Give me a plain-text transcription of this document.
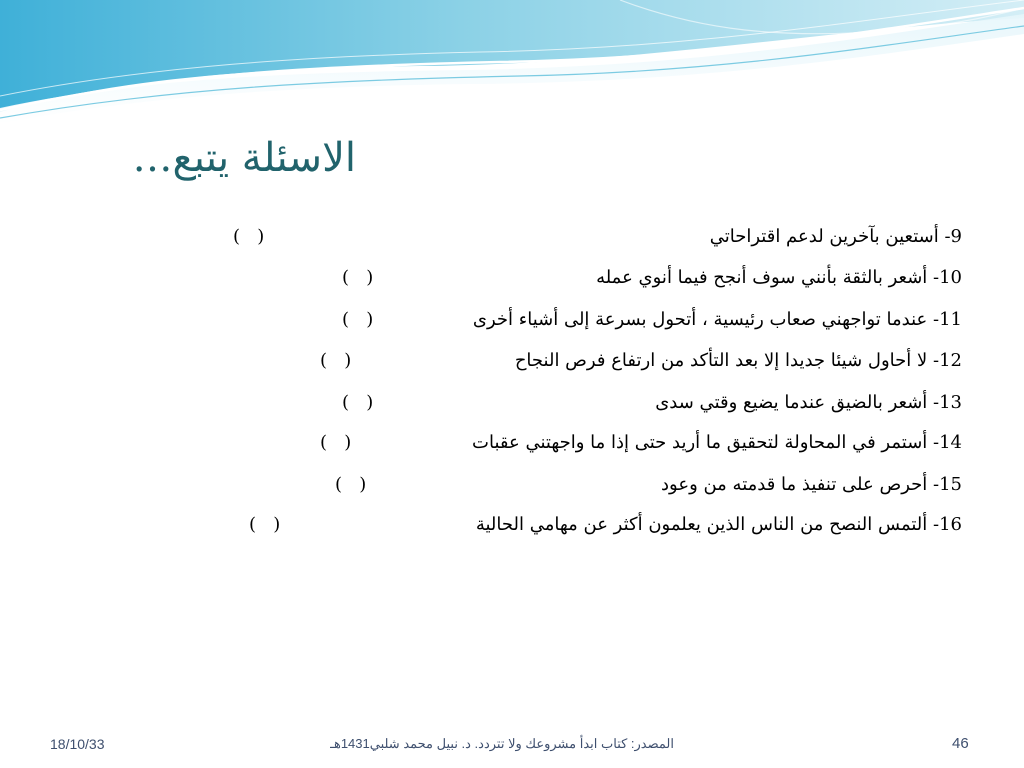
الاسئلة يتبع…
9- أستعين بآخرين لدعم اقتراحاتي
(   )
10- أشعر بالثقة بأنني سوف أنجح فيما أنوي عمله
(   )
11- عندما تواجهني صعاب رئيسية ، أتحول بسرعة إلى أشياء أخرى
(   )
12- لا أحاول شيئا جديدا إلا بعد التأكد من ارتفاع فرص النجاح
(   )
13- أشعر بالضيق عندما يضيع وقتي سدى
(   )
14- أستمر في المحاولة لتحقيق ما أريد حتى إذا ما واجهتني عقبات
(   )
15- أحرص على تنفيذ ما قدمته من وعود
(   )
16- ألتمس النصح من الناس الذين يعلمون أكثر عن مهامي الحالية
(   )
18/10/33	المصدر: كتاب ابدأ مشروعك ولا تتردد. د. نبيل محمد شلبي1431هـ	46
